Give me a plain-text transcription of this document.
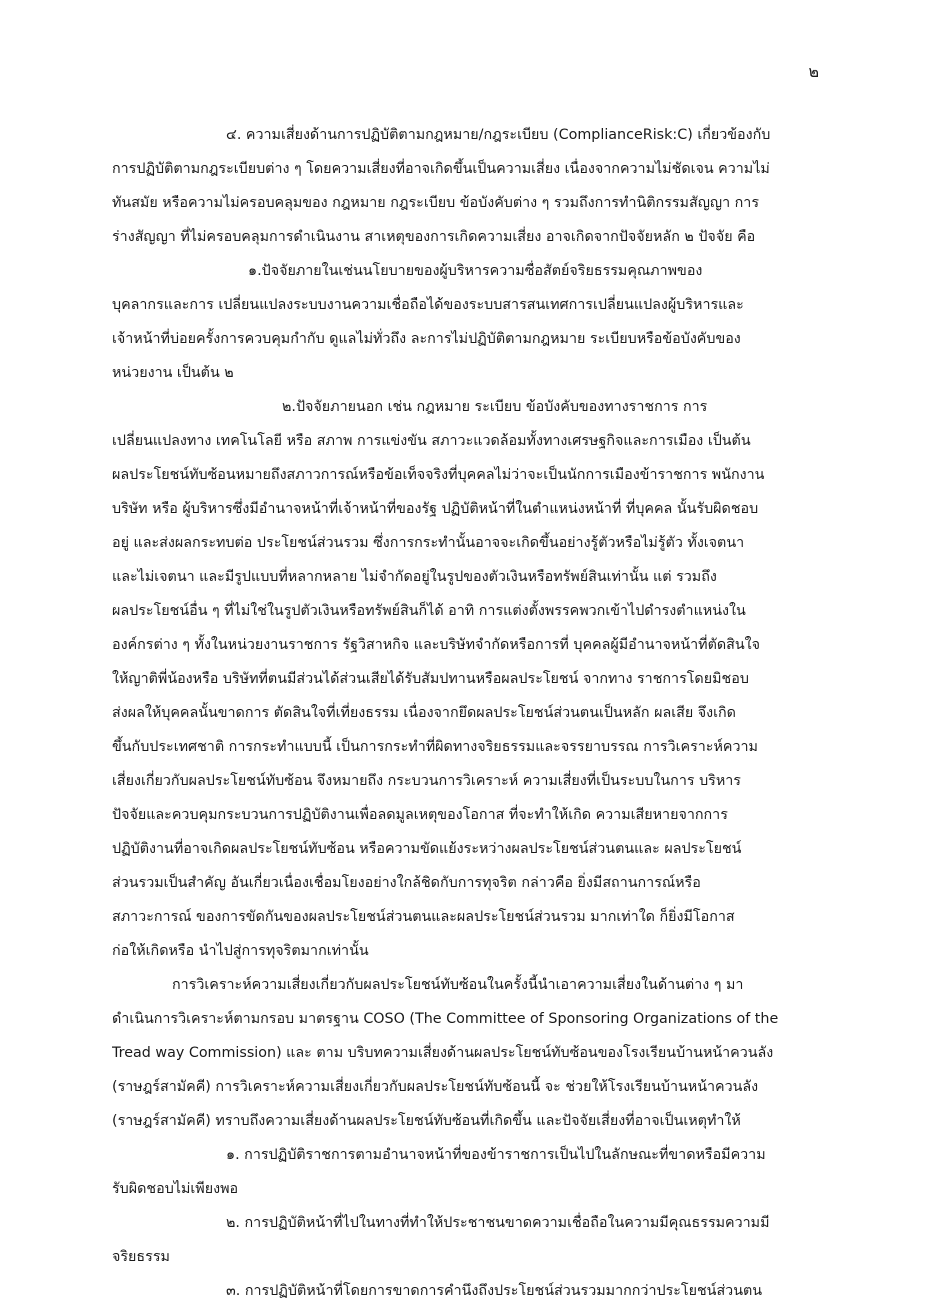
๒
๔. ความเสี่ยงด้านการปฏิบัติตามกฎหมาย/กฎระเบียบ (ComplianceRisk:C) เกี่ยวข้องกับ
การปฏิบัติตามกฎระเบียบต่าง ๆ โดยความเสี่ยงที่อาจเกิดขึ้นเป็นความเสี่ยง เนื่องจากความไม่ชัดเจน ความไม่
ทันสมัย หรือความไม่ครอบคลุมของ กฎหมาย กฎระเบียบ ข้อบังคับต่าง ๆ รวมถึงการทำนิติกรรมสัญญา การ
ร่างสัญญา ที่ไม่ครอบคลุมการดำเนินงาน สาเหตุของการเกิดความเสี่ยง อาจเกิดจากปัจจัยหลัก ๒ ปัจจัย คือ
๑.ปัจจัยภายในเช่นนโยบายของผู้บริหารความซื่อสัตย์จริยธรรมคุณภาพของ
บุคลากรและการ เปลี่ยนแปลงระบบงานความเชื่อถือได้ของระบบสารสนเทศการเปลี่ยนแปลงผู้บริหารและ
เจ้าหน้าที่บ่อยครั้งการควบคุมกำกับ ดูแลไม่ทั่วถึง ละการไม่ปฏิบัติตามกฎหมาย ระเบียบหรือข้อบังคับของ
หน่วยงาน เป็นต้น ๒
๒.ปัจจัยภายนอก เช่น กฎหมาย ระเบียบ ข้อบังคับของทางราชการ การ
เปลี่ยนแปลงทาง เทคโนโลยี หรือ สภาพ การแข่งขัน สภาวะแวดล้อมทั้งทางเศรษฐกิจและการเมือง เป็นต้น
ผลประโยชน์ทับซ้อนหมายถึงสภาวการณ์หรือข้อเท็จจริงที่บุคคลไม่ว่าจะเป็นนักการเมืองข้าราชการ พนักงาน
บริษัท หรือ ผู้บริหารซึ่งมีอำนาจหน้าที่เจ้าหน้าที่ของรัฐ ปฏิบัติหน้าที่ในตำแหน่งหน้าที่ ที่บุคคล นั้นรับผิดชอบ
อยู่ และส่งผลกระทบต่อ ประโยชน์ส่วนรวม ซึ่งการกระทำนั้นอาจจะเกิดขึ้นอย่างรู้ตัวหรือไม่รู้ตัว ทั้งเจตนา
และไม่เจตนา และมีรูปแบบที่หลากหลาย ไม่จำกัดอยู่ในรูปของตัวเงินหรือทรัพย์สินเท่านั้น แต่ รวมถึง
ผลประโยชน์อื่น ๆ ที่ไม่ใช่ในรูปตัวเงินหรือทรัพย์สินก็ได้ อาทิ การแต่งตั้งพรรคพวกเข้าไปดำรงตำแหน่งใน
องค์กรต่าง ๆ ทั้งในหน่วยงานราชการ รัฐวิสาหกิจ และบริษัทจำกัดหรือการที่ บุคคลผู้มีอำนาจหน้าที่ตัดสินใจ
ให้ญาติพี่น้องหรือ บริษัทที่ตนมีส่วนได้ส่วนเสียได้รับสัมปทานหรือผลประโยชน์ จากทาง ราชการโดยมิชอบ
ส่งผลให้บุคคลนั้นขาดการ ตัดสินใจที่เที่ยงธรรม เนื่องจากยึดผลประโยชน์ส่วนตนเป็นหลัก ผลเสีย จึงเกิด
ขึ้นกับประเทศชาติ การกระทำแบบนี้ เป็นการกระทำที่ผิดทางจริยธรรมและจรรยาบรรณ การวิเคราะห์ความ
เสี่ยงเกี่ยวกับผลประโยชน์ทับซ้อน จึงหมายถึง กระบวนการวิเคราะห์ ความเสี่ยงที่เป็นระบบในการ บริหาร
ปัจจัยและควบคุมกระบวนการปฏิบัติงานเพื่อลดมูลเหตุของโอกาส ที่จะทำให้เกิด ความเสียหายจากการ
ปฏิบัติงานที่อาจเกิดผลประโยชน์ทับซ้อน หรือความขัดแย้งระหว่างผลประโยชน์ส่วนตนและ ผลประโยชน์
ส่วนรวมเป็นสำคัญ อันเกี่ยวเนื่องเชื่อมโยงอย่างใกล้ชิดกับการทุจริต กล่าวคือ ยิ่งมีสถานการณ์หรือ
สภาวะการณ์ ของการขัดกันของผลประโยชน์ส่วนตนและผลประโยชน์ส่วนรวม มากเท่าใด ก็ยิ่งมีโอกาส
ก่อให้เกิดหรือ นำไปสู่การทุจริตมากเท่านั้น
การวิเคราะห์ความเสี่ยงเกี่ยวกับผลประโยชน์ทับซ้อนในครั้งนี้นำเอาความเสี่ยงในด้านต่าง ๆ มา
ดำเนินการวิเคราะห์ตามกรอบ มาตรฐาน COSO (The Committee of Sponsoring Organizations of the
Tread way Commission) และ ตาม บริบทความเสี่ยงด้านผลประโยชน์ทับซ้อนของโรงเรียนบ้านหน้าควนลัง
(ราษฎร์สามัคคี) การวิเคราะห์ความเสี่ยงเกี่ยวกับผลประโยชน์ทับซ้อนนี้ จะ ช่วยให้โรงเรียนบ้านหน้าควนลัง
(ราษฎร์สามัคคี) ทราบถึงความเสี่ยงด้านผลประโยชน์ทับซ้อนที่เกิดขึ้น และปัจจัยเสี่ยงที่อาจเป็นเหตุทำให้
๑. การปฏิบัติราชการตามอำนาจหน้าที่ของข้าราชการเป็นไปในลักษณะที่ขาดหรือมีความ
รับผิดชอบไม่เพียงพอ
๒. การปฏิบัติหน้าที่ไปในทางที่ทำให้ประชาชนขาดความเชื่อถือในความมีคุณธรรมความมี
จริยธรรม
๓. การปฏิบัติหน้าที่โดยการขาดการคำนึงถึงประโยชน์ส่วนรวมมากกว่าประโยชน์ส่วนตน
